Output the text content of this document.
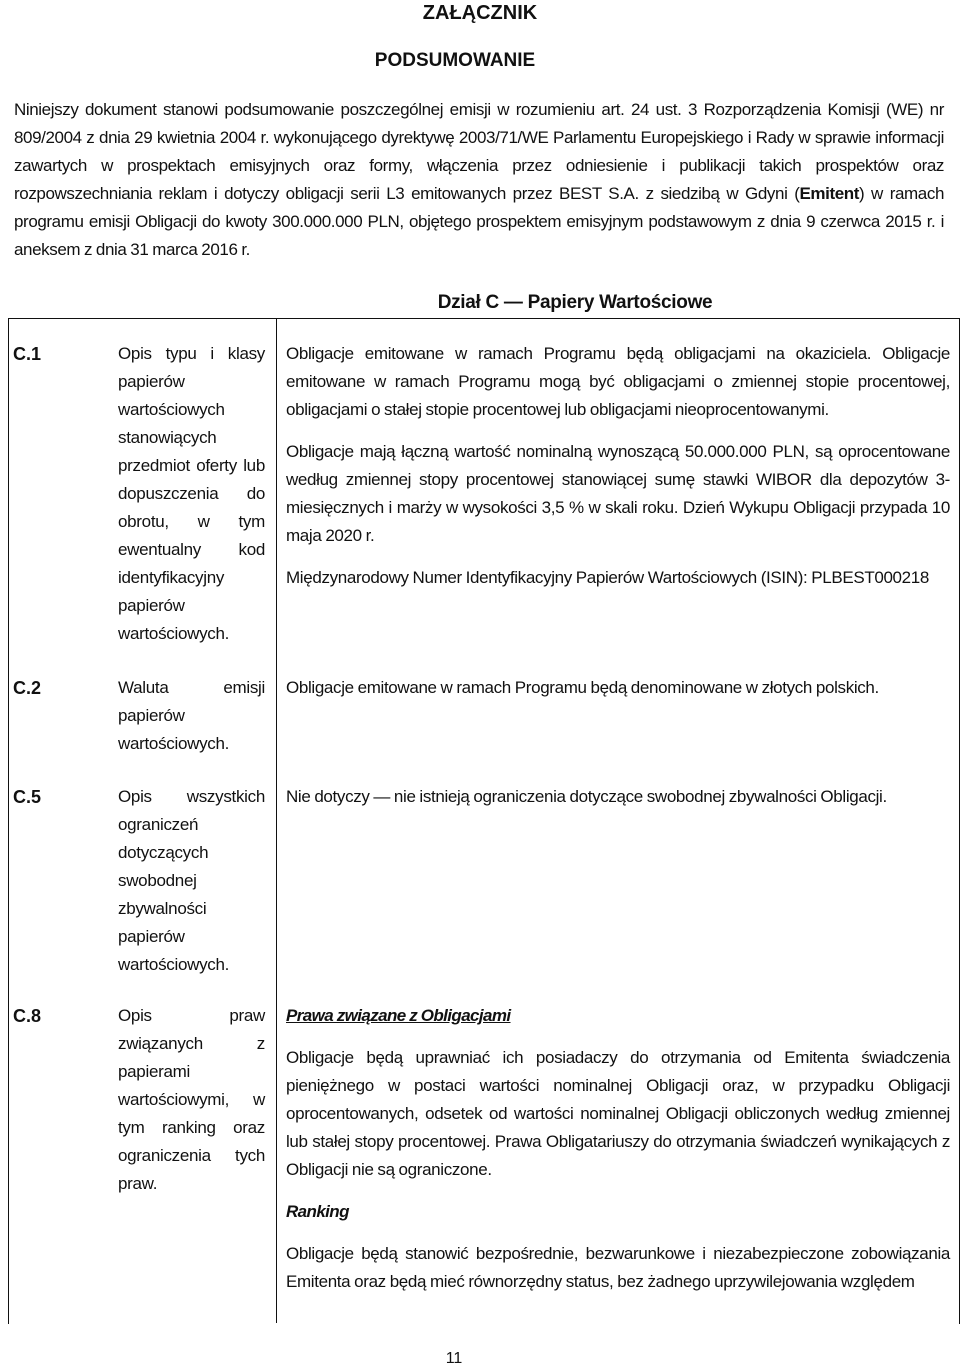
ZAŁĄCZNIK
PODSUMOWANIE
Niniejszy dokument stanowi podsumowanie poszczególnej emisji w rozumieniu art. 24 ust. 3 Rozporządzenia Komisji (WE) nr 809/2004 z dnia 29 kwietnia 2004 r. wykonującego dyrektywę 2003/71/WE Parlamentu Europejskiego i Rady w sprawie informacji zawartych w prospektach emisyjnych oraz formy, włączenia przez odniesienie i publikacji takich prospektów oraz rozpowszechniania reklam i dotyczy obligacji serii L3 emitowanych przez BEST S.A. z siedzibą w Gdyni (Emitent) w ramach programu emisji Obligacji do kwoty 300.000.000 PLN, objętego prospektem emisyjnym podstawowym z dnia 9 czerwca 2015 r. i aneksem z dnia 31 marca 2016 r.
Dział C — Papiery Wartościowe
C.1	Opis typu i klasy papierów wartościowych stanowiących przedmiot oferty lub dopuszczenia do obrotu, w tym ewentualny kod identyfikacyjny papierów wartościowych.

Obligacje emitowane w ramach Programu będą obligacjami na okaziciela. Obligacje emitowane w ramach Programu mogą być obligacjami o zmiennej stopie procentowej, obligacjami o stałej stopie procentowej lub obligacjami nieoprocentowanymi.

Obligacje mają łączną wartość nominalną wynoszącą 50.000.000 PLN, są oprocentowane według zmiennej stopy procentowej stanowiącej sumę stawki WIBOR dla depozytów 3-miesięcznych i marży w wysokości 3,5 % w skali roku. Dzień Wykupu Obligacji przypada 10 maja 2020 r.

Międzynarodowy Numer Identyfikacyjny Papierów Wartościowych (ISIN): PLBEST000218

C.2	Waluta emisji papierów wartościowych.

Obligacje emitowane w ramach Programu będą denominowane w złotych polskich.

C.5	Opis wszystkich ograniczeń dotyczących swobodnej zbywalności papierów wartościowych.

Nie dotyczy — nie istnieją ograniczenia dotyczące swobodnej zbywalności Obligacji.

C.8	Opis praw związanych z papierami wartościowymi, w tym ranking oraz ograniczenia tych praw.

Prawa związane z Obligacjami

Obligacje będą uprawniać ich posiadaczy do otrzymania od Emitenta świadczenia pieniężnego w postaci wartości nominalnej Obligacji oraz, w przypadku Obligacji oprocentowanych, odsetek od wartości nominalnej Obligacji obliczonych według zmiennej lub stałej stopy procentowej. Prawa Obligatariuszy do otrzymania świadczeń wynikających z Obligacji nie są ograniczone.

Ranking

Obligacje będą stanowić bezpośrednie, bezwarunkowe i niezabezpieczone zobowiązania Emitenta oraz będą mieć równorzędny status, bez żadnego uprzywilejowania względem

11
